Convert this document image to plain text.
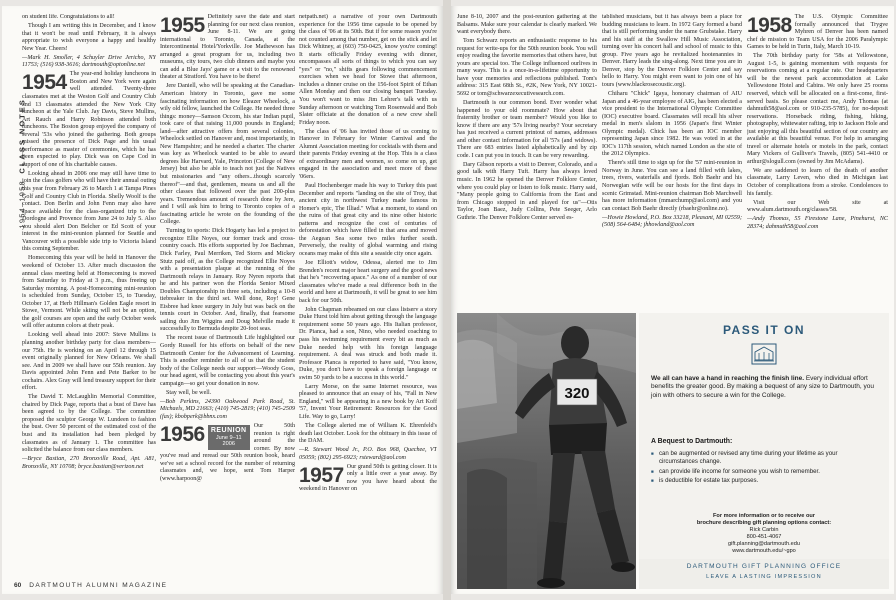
1954–1958  CLASS NOTES

on student life. Congratulations to all!

Though I am writing this in December, and I know that it won't be read until February, it is always appropriate to wish everyone a happy and healthy New Year. Cheers!

—Mark H. Smoller, 4 Schuyler Drive Jericho, NY 11753; (516) 938-3616; dartmouth@optonline.net

1954 The year-end holiday luncheons in Boston and New York were again well attended. Twenty-three classmates met at the Weston Golf and Country Club and 13 classmates attended the New York City luncheon at the Yale Club. Jay Davis, Steve Mullins, Art Rauch and Harry Robinson attended both luncheons. The Boston group enjoyed the company of several '53s who joined the gathering. Both groups missed the presence of Dick Page and his usual performance as master of ceremonies, which he has been expected to play. Dick was on Cape Cod in support of one of his charitable causes.

Looking ahead in 2006 one may still have time to join the class golfers who will have their annual outing this year from February 26 to March 1 at Tampa Pines Golf and Country Club in Florida. Shelly Woolf is the contact. Don Berlin and John Fenn may also have space available for the class-organized trip to the Dordogne and Provence from June 24 to July 5. Also you should alert Don Belcher or Ed Scott of your interest in the mini-reunion planned for Seattle and Vancouver with a possible side trip to Victoria Island this coming September.

Homecoming this year will be held in Hanover the weekend of October 13. After much discussion the annual class meeting held at Homecoming is moved from Saturday to Friday at 3 p.m., thus freeing up Saturday morning. A post-Homecoming mini-reunion is scheduled from Sunday, October 15, to Tuesday, October 17, at Herb Hillman's Golden Eagle resort in Stowe, Vermont. While skiing will not be an option, the golf courses are open and the early October week will offer autumn colors at their peak.

Looking well ahead into 2007: Steve Mullins is planning another birthday party for class members—our 75th. He is working on an April 12 through 15 event originally planned for New Orleans. We shall see. And in 2009 we shall have our 55th reunion. Jay Davis appointed John Fenn and Pete Barker to be cochairs. Alex Gray will lend treasury support for their effort.

The David T. McLaughlin Memorial Committee, chaired by Dick Page, reports that a bust of Dave has been agreed to by the College. The committee proposed the sculptor George W. Lundeen to fashion the bust. Over 50 percent of the estimated cost of the bust and its installation had been pledged by classmates as of January 1. The committee has solicited the balance from our class members.

—Bryce Bastian, 270 Bronxville Road, Apt. A81, Bronxville, NY 10708; bryce.bastian@verizon.net

1955 Definitely save the date and start planning for our next class reunion, June 8-11. We are going international to Toronto, Canada, at the Intercontinental Hotel/Yorkville. Joe Mathewson has arranged a great program for us, including two museums, city tours, two club dinners and maybe you can add a Blue Jays' game or a visit to the renowned theater at Stratford. You have to be there!

Jere Daniell, who will be speaking at the Canadian-American history in Toronto, gave me some fascinating information on how Eleazer Wheelock, a wily old fellow, launched the College. He needed three things: money—Samson Occom, his star Indian pupil, took care of that raising 11,000 pounds in England; land—after attractive offers from several colonies, Wheelock settled on Hanover and, most importantly, in New Hampshire; and he needed a charter. The charter was key as Wheelock wanted to be able to award degrees like Harvard, Yale, Princeton (College of New Jersey) but also be able to teach not just the Natives but missionaries and "any others...though scarcely thereof"—and that, gentlemen, means us and all the other classes that followed over the past 200-plus years. Tremendous amount of research done by Jere, and I will ask him to bring to Toronto copies of a fascinating article he wrote on the founding of the College.

Turning to sports: Dick Hogarty has led a project to recognize Ellie Noyes, our former track and cross-country coach. His efforts supported by Joe Bachman, Dick Farley, Paul Merriken, Ted Storrs and Mickey Stutz paid off, as the College recognized Ellie Noyes with a presentation plaque at the running of the Dartmouth relays in January. Roy Nyren reports that he and his partner won the Florida Senior Mixed Doubles Championship in three sets, including a 10-8 tiebreaker in the third set. Well done, Roy! Gene Eisbree had knee surgery in July but was back on the tennis court in October. And, finally, that fearsome sailing duo Jim Wiggins and Doug Melville made it successfully to Bermuda despite 20-foot seas.

The recent issue of Dartmouth Life highlighted our Gordy Russell for his efforts on behalf of the new Dartmouth Center for the Advancement of Learning. This is another reminder to all of us that the student body of the College needs our support—Woody Goss, our head agent, will be contacting you about this year's campaign—so get your donation in now.

Stay well, be well.

—Bob Perkins, 24390 Oakwood Park Road, St. Michaels, MD 21663; (410) 745-2819; (410) 745-2509 (fax); kbobperk@bbnx.com

1956 REUNION
June 9–11
2006

Our 50th reunion is right around the corner. By now you've read and reread our 50th reunion book, heard we've set a school record for the number of returning classmates and, we hope, sent Tom Harper (www.harpoon@

netpath.net) a narrative of your own Dartmouth experience for the 1956 time capsule to be opened by the class of '06 at its 50th. But if for some reason you're not counted among that number, get on the stick and let Dick Whitney, at (603) 750-0425, know you're coming! It starts officially Friday evening with dinner, encompasses all sorts of things to which you can say "yes" or "no," shifts gears following commencement exercises when we head for Stowe that afternoon, includes a dinner cruise on the 156-foot Spirit of Ethan Allen Monday and then our closing banquet Tuesday. You won't want to miss Jim Lehrer's talk with us Sunday afternoon or watching Tom Rosenwald and Bob Slater officiate at the donation of a new crew shell Friday noon.

The class of '06 has invited those of us coming to Hanover in February for Winter Carnival and the Alumni Association meeting for cocktails with them and their parents Friday evening at the Hop. This is a class of extraordinary men and women, so come on up, get engaged in the association and meet more of these '06ers.

Paul Hochenberger made his way to Turkey this past December and reports "landing on the site of Troy, that ancient city in northwest Turkey made famous in Homer's epic, The Illiad." What a moment, to stand on the ruins of that great city and its nine other historic patterns and recognize the cost of centuries of deforestation which have filled in that area and moved the Aegean Sea some two miles further south. Perversely, the reality of global warming and rising oceans may make of this site a seaside city once again.

Joe Elliott's widow, Odessa, alerted me to Jim Brenden's recent major heart surgery and the good news that he's "recovering apace." As one of a number of our classmates who've made a real difference both in the world and here at Dartmouth, it will be great to see him back for our 50th.

John Chapman rebeamed on our class listserv a story Duke Hurst told him about getting through the language requirement some 50 years ago. His Italian professor, Dr. Pianca, had a son, Nino, who needed coaching to pass his swimming requirement every bit as much as Duke needed help with his foreign language requirement. A deal was struck and both made it. Professor Pianca is reported to have said, "You know, Duke, you don't have to speak a foreign language or swim 50 yards to be a success in this world."

Larry Morse, on the same Internet resource, was pleased to announce that an essay of his, "Fall in New England," will be appearing in a new book by Art Koff '57, Invent Your Retirement: Resources for the Good Life. Way to go, Larry!

The College alerted me of William K. Ehrenfeld's death last October. Look for the obituary in this issue of the DAM.

—R. Stewart Wood Jr., P.O. Box 968, Quechee, VT 05059; (802) 295-6923; rsteward@aol.com

1957 Our grand 50th is getting closer. It is only a little over a year away. By now you have heard about the weekend in Hanover on

60 DARTMOUTH ALUMNI MAGAZINE

June 8-10, 2007 and the post-reunion gathering at the Balsams. Make sure your calendar is clearly marked. We want everybody there.

Tom Schwarz reports an enthusiastic response to his request for write-ups for the 50th reunion book. You will enjoy reading the favorite memories that others have, but yours are special too. The College influenced ourlives in many ways. This is a once-in-a-lifetime opportunity to have your memories and reflections published. Tom's address: 315 East 68th St., #2K, New York, NY 10021-5692 or tom@schwarzexecutivesearch.com.

Dartmouth is our common bond. Ever wonder what happened to your old roommate? How about that fraternity brother or team member? Would you like to know if there are any '57s living nearby? Your secretary has just received a current printout of names, addresses and other contact information for all '57s (and widows). There are 683 entries listed alphabetically and by zip code. I can put you in touch. It can be very rewarding.

Dary Gibson reports a visit to Denver, Colorado, and a good talk with Harry Tuft. Harry has always loved music. In 1962 he opened the Denver Folklore Center, where you could play or listen to folk music. Harry said, "Many people going to California from the East and from Chicago stopped in and played for us"—Otis Taylor, Joan Baez, Judy Collins, Pete Seeger, Arlo Guthrie. The Denver Folklore Center served es-

tablished musicians, but it has always been a place for budding musicians to learn. In 1972 Gary formed a band that is still performing under the name Grubstake. Harry and his staff at the Swallow Hill Music Association, turning over his concert hall and school of music to this group. Five years ago he revitalized hootenannies in Denver. Harry leads the sing-along. Next time you are in Denver, stop by the Denver Folklore Center and say hello to Harry. You might even want to join one of his tours (www.blackrosecoustic.org).

Chiharu "Chick" Igaya, honorary chairman of AIU Japan and a 46-year employee of AIG, has been elected a vice president to the International Olympic Committee (IOC) executive board. Classmates will recall his silver medal in men's slalom in 1956 (Japan's first Winter Olympic medal). Chick has been an IOC member representing Japan since 1982. He was voted in at the IOC's 117th session, which named London as the site of the 2012 Olympics.

There's still time to sign up for the '57 mini-reunion in Norway in June. You can see a land filled with lakes, trees, rivers, waterfalls and fjords. Bob Baehr and his Norwegian wife will be our hosts for the first days in scenic Grimstad. Mini-reunion chairman Bob Marchwell has more information (mmarchump@aol.com) and you can contact Bob Baehr directly (rbaehr@online.no).

—Howie Howland, P.O. Box 33218, Pleasant, MI 02559; (508) 564-6484; jhhowland@aol.com

1958 The U.S. Olympic Committee formally announced that Trygve Myhren of Denver has been named chef de mission to Team USA for the 2006 Paralympic Games to be held in Turin, Italy, March 10-19.

The 70th birthday party for '58s at Yellowstone, August 1-5, is gaining momentum with requests for reservations coming at a regular rate. Our headquarters will be the newest park accommodation at Lake Yellowstone Hotel and Cabins. We only have 25 rooms reserved, which will be allocated on a first-come, first-served basis. So please contact me, Andy Thomas (at dahmuth58@aol.com or 910-235-5785), for no-deposit reservations. Horseback riding, fishing, hiking, photography, whitewater rafting, trip to Jackson Hole and just enjoying all this beautiful section of our country are available at this beautiful venue. For help in arranging travel or alternate hotels or motels in the park, contact Mary Vickers of Gulliver's Travels, (805) 541-4410 or arthur@slogull.com (owned by Jim McAdams).

We are saddened to learn of the death of another classmate, Larry Leven, who died in Michigan last October of complications from a stroke. Condolences to his family.

Visit our Web site at www.alum.dartmouth.org/classes/58.

—Andy Thomas, 55 Firestone Lane, Pinehurst, NC 28374; dahmuth58@aol.com

320
PASS IT ON
We all can have a hand in reaching the finish line. Every individual effort benefits the greater good. By making a bequest of any size to Dartmouth, you join with others to secure a win for the College.
A Bequest to Dartmouth:
■ can be augmented or revised any time during your lifetime as your circumstances change.
■ can provide life income for someone you wish to remember.
■ is deductible for estate tax purposes.
For more information or to receive our
brochure describing gift planning options contact:
Rick Carbin
800-451-4067
gift.planning@dartmouth.edu
www.dartmouth.edu/~gpo
DARTMOUTH GIFT PLANNING OFFICE
LEAVE A LASTING IMPRESSION
